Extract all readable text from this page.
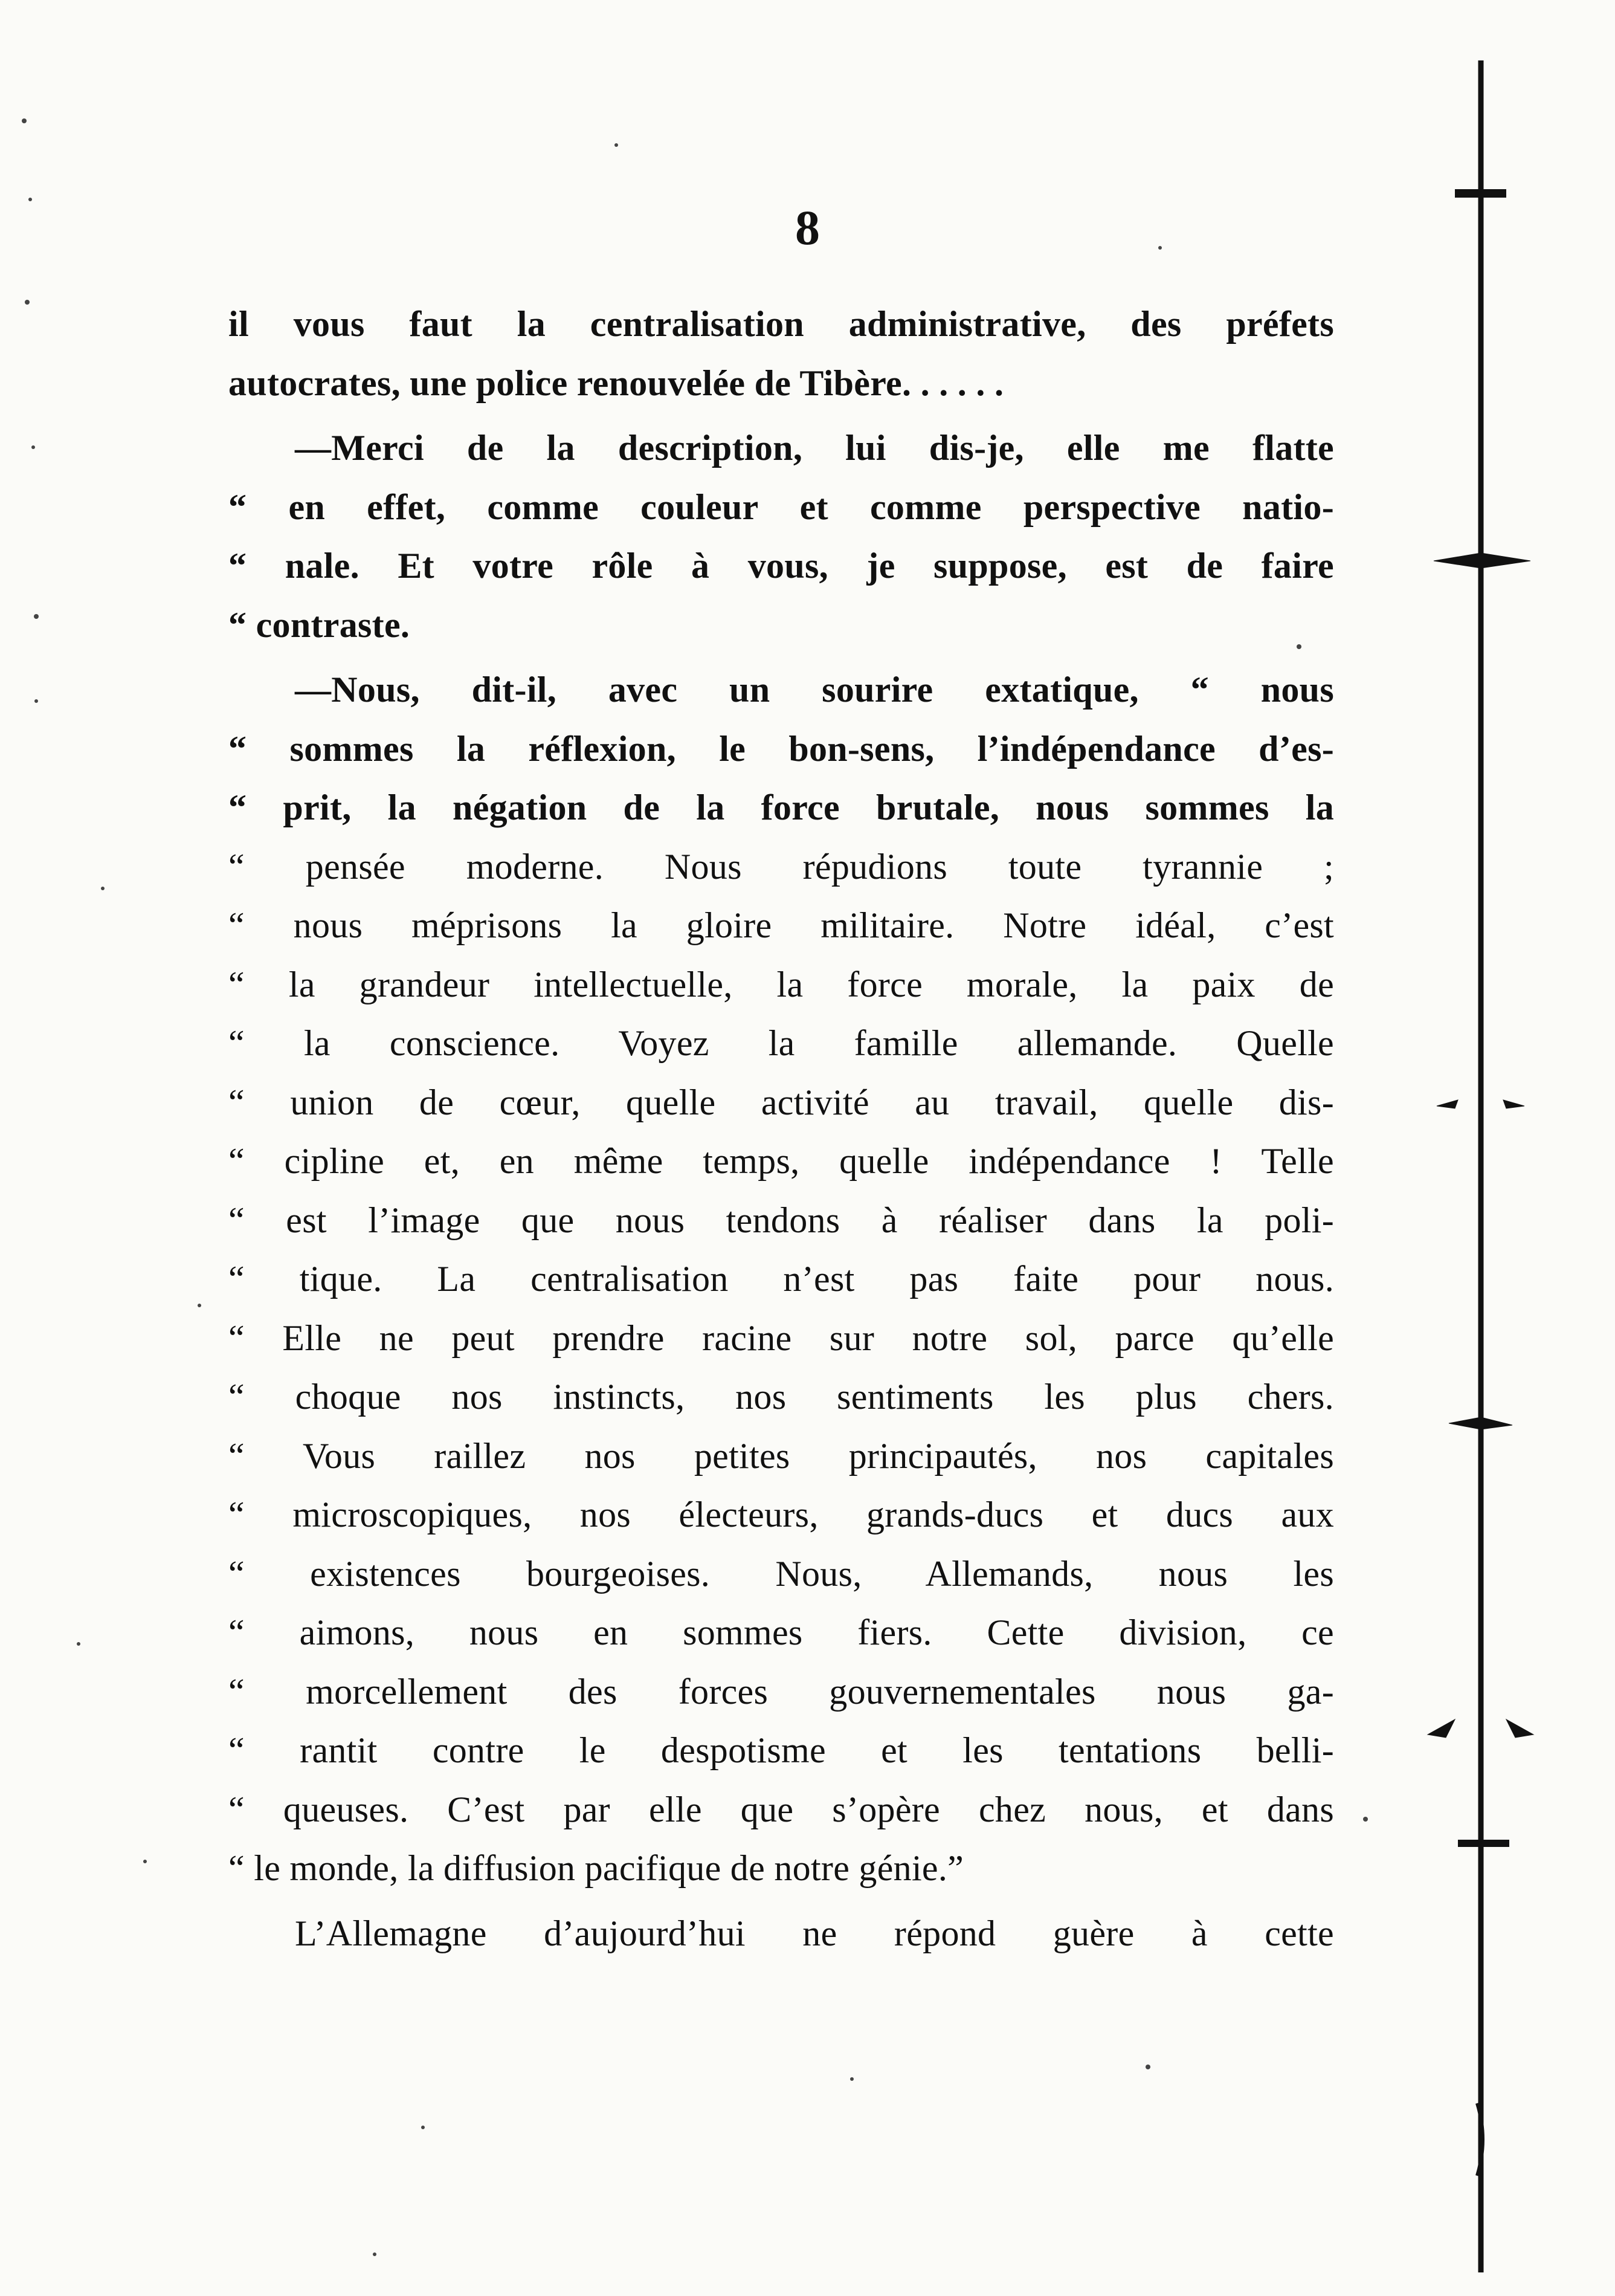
8
il vous faut la centralisation administrative, des préfets
autocrates, une police renouvelée de Tibère. . . . . .
—Merci de la description, lui dis-je, elle me flatte
“ en effet, comme couleur et comme perspective natio-
“ nale. Et votre rôle à vous, je suppose, est de faire
“ contraste.
—Nous, dit-il, avec un sourire extatique, “ nous
“ sommes la réflexion, le bon-sens, l’indépendance d’es-
“ prit, la négation de la force brutale, nous sommes la
“ pensée moderne. Nous répudions toute tyrannie ;
“ nous méprisons la gloire militaire. Notre idéal, c’est
“ la grandeur intellectuelle, la force morale, la paix de
“ la conscience. Voyez la famille allemande. Quelle
“ union de cœur, quelle activité au travail, quelle dis-
“ cipline et, en même temps, quelle indépendance ! Telle
“ est l’image que nous tendons à réaliser dans la poli-
“ tique. La centralisation n’est pas faite pour nous.
“ Elle ne peut prendre racine sur notre sol, parce qu’elle
“ choque nos instincts, nos sentiments les plus chers.
“ Vous raillez nos petites principautés, nos capitales
“ microscopiques, nos électeurs, grands-ducs et ducs aux
“ existences bourgeoises. Nous, Allemands, nous les
“ aimons, nous en sommes fiers. Cette division, ce
“ morcellement des forces gouvernementales nous ga-
“ rantit contre le despotisme et les tentations belli-
“ queuses. C’est par elle que s’opère chez nous, et dans
“ le monde, la diffusion pacifique de notre génie.”
L’Allemagne d’aujourd’hui ne répond guère à cette
